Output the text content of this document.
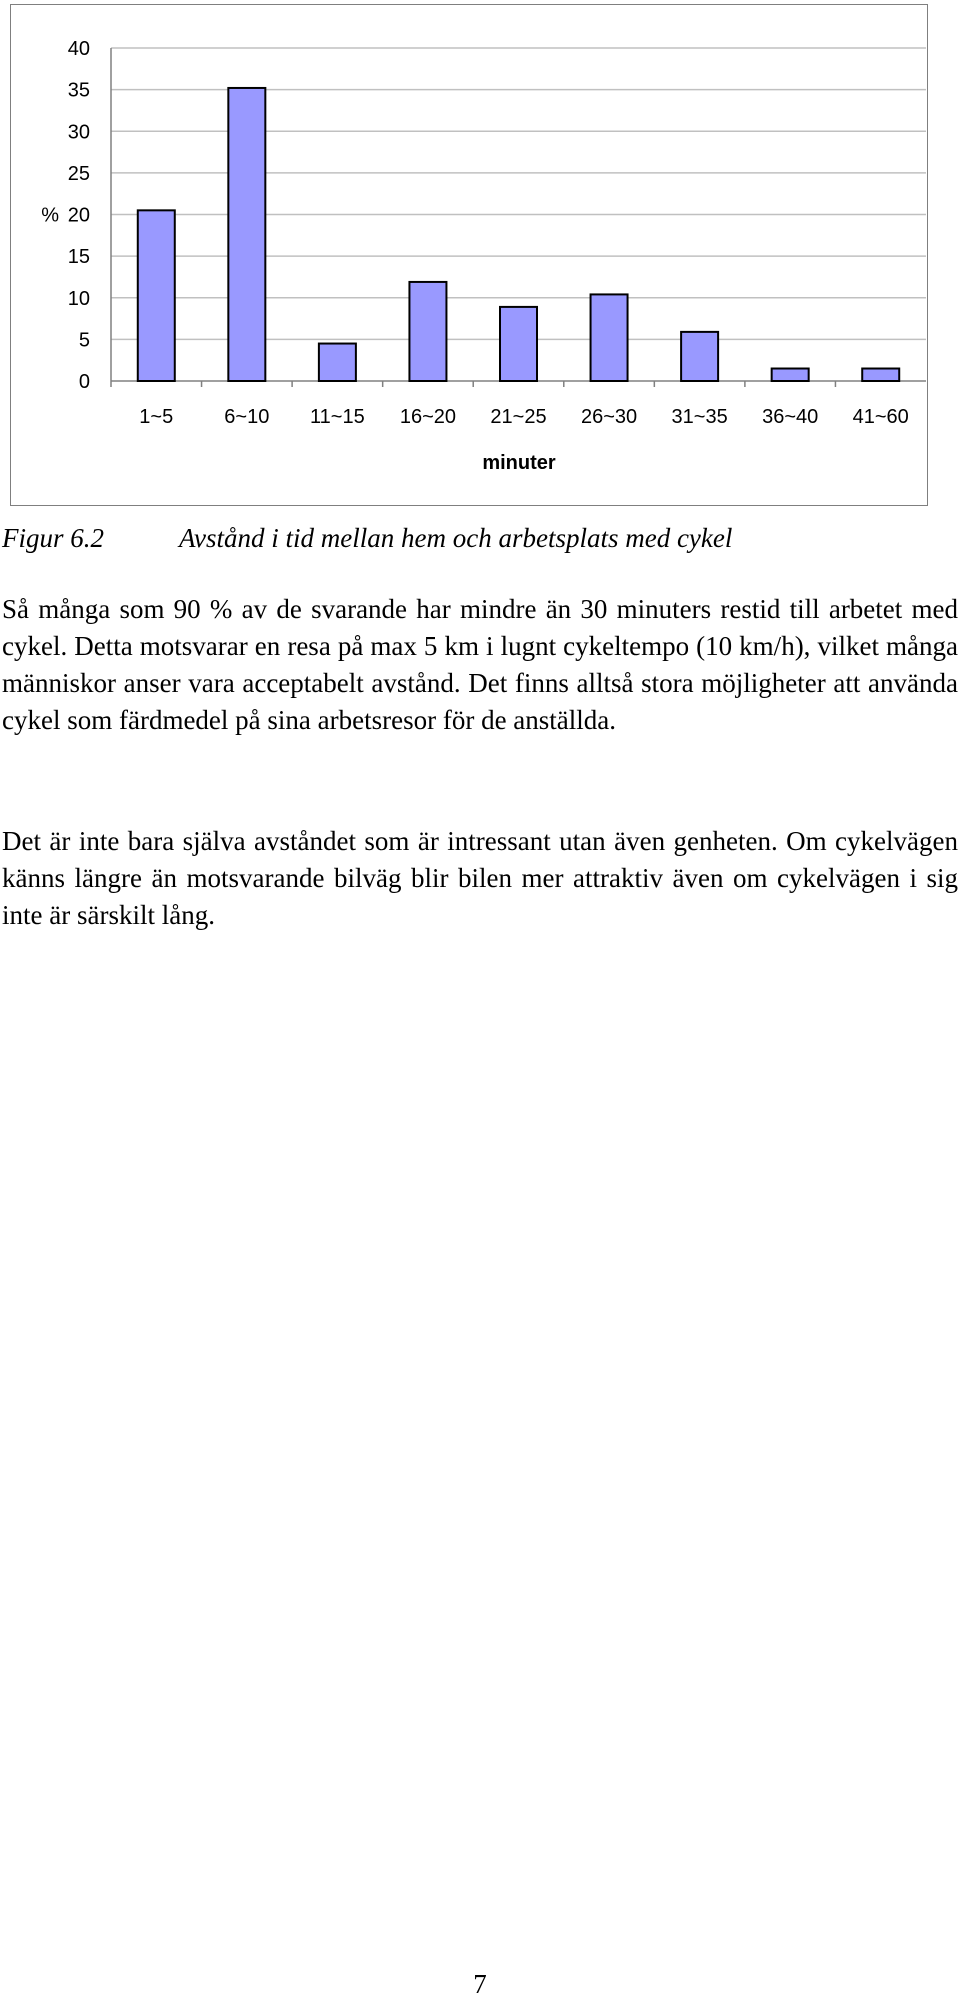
0
5
10
15
20
25
30
35
40
%
1~5	6~10 11~15 16~20 21~25 26~30 31~35 36~40 41~60
minuter
Figur 6.2	Avstånd i tid mellan hem och arbetsplats med cykel

Så många som 90 % av de svarande har mindre än 30 minuters restid till arbetet med cykel. Detta motsvarar en resa på max 5 km i lugnt cykeltempo (10 km/h), vilket många människor anser vara acceptabelt avstånd. Det finns alltså stora möjligheter att använda cykel som färdmedel på sina arbetsresor för de anställda.

Det är inte bara själva avståndet som är intressant utan även genheten. Om cykelvägen känns längre än motsvarande bilväg blir bilen mer attraktiv även om cykelvägen i sig inte är särskilt lång.

7
